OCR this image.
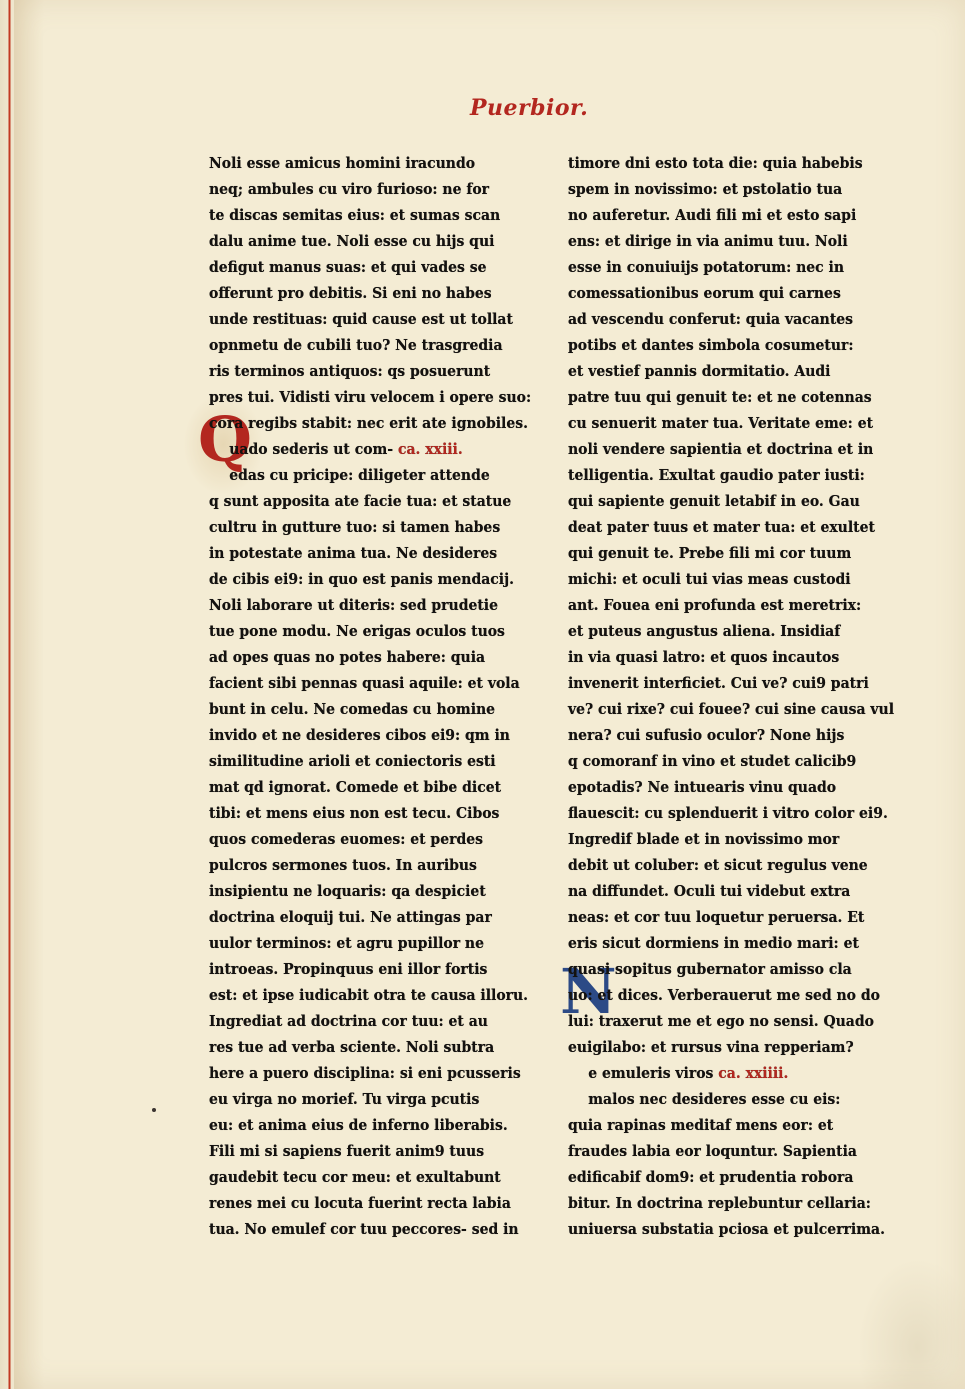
Puerbior.
Q
N
Noli esse amicus homini iracundo
neq; ambules cu viro furioso: ne for
te discas semitas eius: et sumas scan
dalu anime tue. Noli esse cu hijs qui
defigut manus suas: et qui vades se
offerunt pro debitis. Si eni no habes
unde restituas: quid cause est ut tollat
opnmetu de cubili tuo? Ne trasgredia
ris terminos antiquos: qs posuerunt
pres tui. Vidisti viru velocem i opere suo:
cora regibs stabit: nec erit ate ignobiles.
uado sederis ut com- ca. xxiii.
edas cu pricipe: diligeter attende
q sunt apposita ate facie tua: et statue
cultru in gutture tuo: si tamen habes
in potestate anima tua. Ne desideres
de cibis ei9: in quo est panis mendacij.
Noli laborare ut diteris: sed prudetie
tue pone modu. Ne erigas oculos tuos
ad opes quas no potes habere: quia
facient sibi pennas quasi aquile: et vola
bunt in celu. Ne comedas cu homine
invido et ne desideres cibos ei9: qm in
similitudine arioli et coniectoris esti
mat qd ignorat. Comede et bibe dicet
tibi: et mens eius non est tecu. Cibos
quos comederas euomes: et perdes
pulcros sermones tuos. In auribus
insipientu ne loquaris: qa despiciet
doctrina eloquij tui. Ne attingas par
uulor terminos: et agru pupillor ne
introeas. Propinquus eni illor fortis
est: et ipse iudicabit otra te causa illoru.
Ingrediat ad doctrina cor tuu: et au
res tue ad verba sciente. Noli subtra
here a puero disciplina: si eni pcusseris
eu virga no morief. Tu virga pcutis
eu: et anima eius de inferno liberabis.
Fili mi si sapiens fuerit anim9 tuus
gaudebit tecu cor meu: et exultabunt
renes mei cu locuta fuerint recta labia
tua. No emulef cor tuu peccores- sed in
timore dni esto tota die: quia habebis
spem in novissimo: et pstolatio tua
no auferetur. Audi fili mi et esto sapi
ens: et dirige in via animu tuu. Noli
esse in conuiuijs potatorum: nec in
comessationibus eorum qui carnes
ad vescendu conferut: quia vacantes
potibs et dantes simbola cosumetur:
et vestief pannis dormitatio. Audi
patre tuu qui genuit te: et ne cotennas
cu senuerit mater tua. Veritate eme: et
noli vendere sapientia et doctrina et in
telligentia. Exultat gaudio pater iusti:
qui sapiente genuit letabif in eo. Gau
deat pater tuus et mater tua: et exultet
qui genuit te. Prebe fili mi cor tuum
michi: et oculi tui vias meas custodi
ant. Fouea eni profunda est meretrix:
et puteus angustus aliena. Insidiaf
in via quasi latro: et quos incautos
invenerit interficiet. Cui ve? cui9 patri
ve? cui rixe? cui fouee? cui sine causa vul
nera? cui sufusio oculor? None hijs
q comoranf in vino et studet calicib9
epotadis? Ne intuearis vinu quado
flauescit: cu splenduerit i vitro color ei9.
Ingredif blade et in novissimo mor
debit ut coluber: et sicut regulus vene
na diffundet. Oculi tui videbut extra
neas: et cor tuu loquetur peruersa. Et
eris sicut dormiens in medio mari: et
quasi sopitus gubernator amisso cla
uo: et dices. Verberauerut me sed no do
lui: traxerut me et ego no sensi. Quado
euigilabo: et rursus vina repperiam?
e emuleris viros ca. xxiiii.
malos nec desideres esse cu eis:
quia rapinas meditaf mens eor: et
fraudes labia eor loquntur. Sapientia
edificabif dom9: et prudentia robora
bitur. In doctrina replebuntur cellaria:
uniuersa substatia pciosa et pulcerrima.
